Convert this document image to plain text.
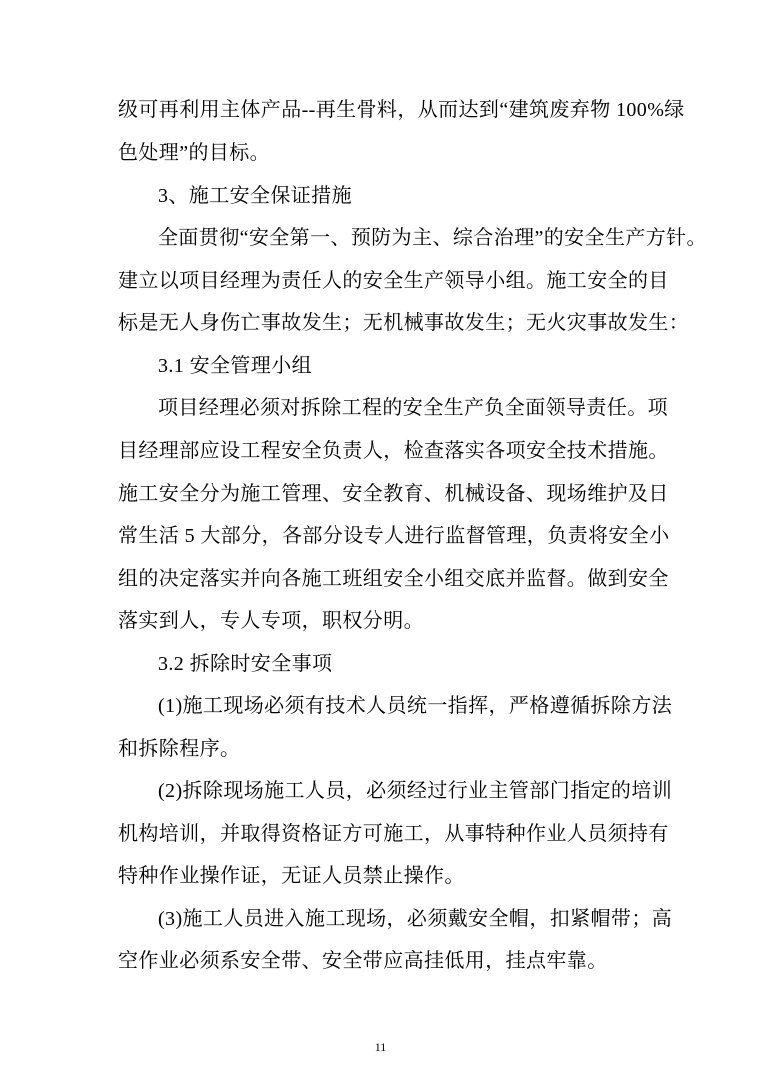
级可再利用主体产品--再生骨料，从而达到“建筑废弃物 100%绿
色处理”的目标。
3、施工安全保证措施
全面贯彻“安全第一、预防为主、综合治理”的安全生产方针。
建立以项目经理为责任人的安全生产领导小组。施工安全的目
标是无人身伤亡事故发生；无机械事故发生；无火灾事故发生：
3.1 安全管理小组
项目经理必须对拆除工程的安全生产负全面领导责任。项
目经理部应设工程安全负责人，检查落实各项安全技术措施。
施工安全分为施工管理、安全教育、机械设备、现场维护及日
常生活 5 大部分，各部分设专人进行监督管理，负责将安全小
组的决定落实并向各施工班组安全小组交底并监督。做到安全
落实到人，专人专项，职权分明。
3.2 拆除时安全事项
(1)施工现场必须有技术人员统一指挥，严格遵循拆除方法
和拆除程序。
(2)拆除现场施工人员，必须经过行业主管部门指定的培训
机构培训，并取得资格证方可施工，从事特种作业人员须持有
特种作业操作证，无证人员禁止操作。
(3)施工人员进入施工现场，必须戴安全帽，扣紧帽带；高
空作业必须系安全带、安全带应高挂低用，挂点牢靠。
11
